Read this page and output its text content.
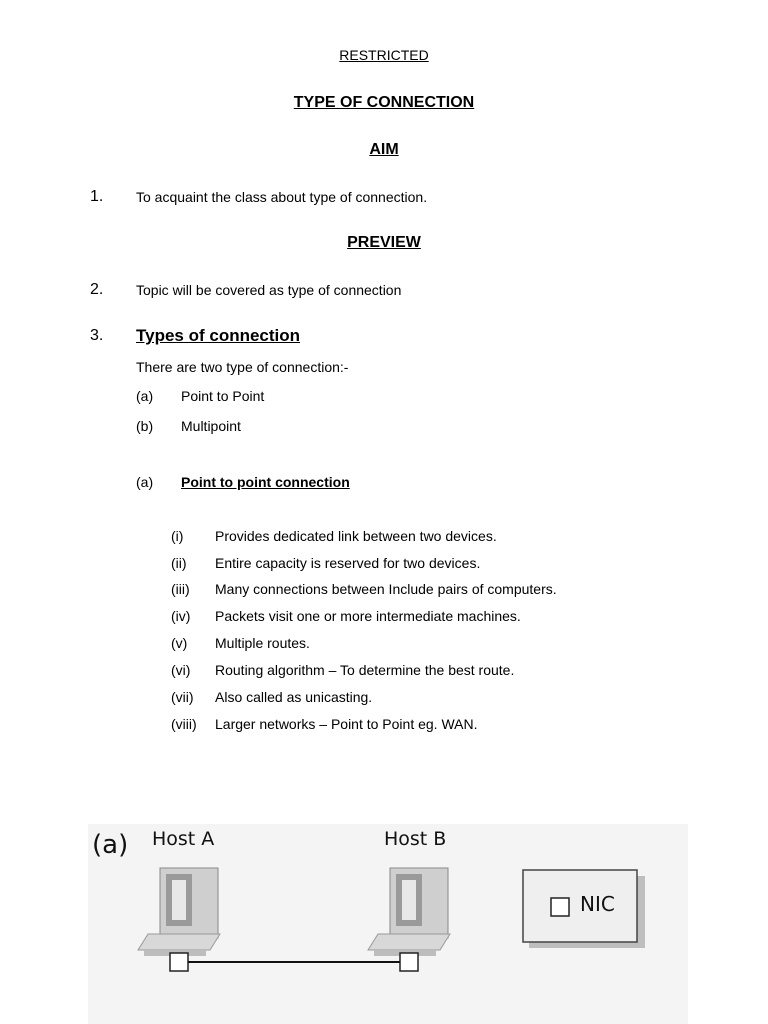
RESTRICTED
TYPE OF CONNECTION
AIM
1. To acquaint the class about type of connection.
PREVIEW
2. Topic will be covered as type of connection
3. Types of connection
There are two type of connection:-
(a) Point to Point
(b) Multipoint
(a) Point to point connection
(i) Provides dedicated link between two devices.
(ii) Entire capacity is reserved for two devices.
(iii) Many connections between Include pairs of computers.
(iv) Packets visit one or more intermediate machines.
(v) Multiple routes.
(vi) Routing algorithm – To determine the best route.
(vii) Also called as unicasting.
(viii) Larger networks – Point to Point eg. WAN.
(a) Host A	Host B
NIC
